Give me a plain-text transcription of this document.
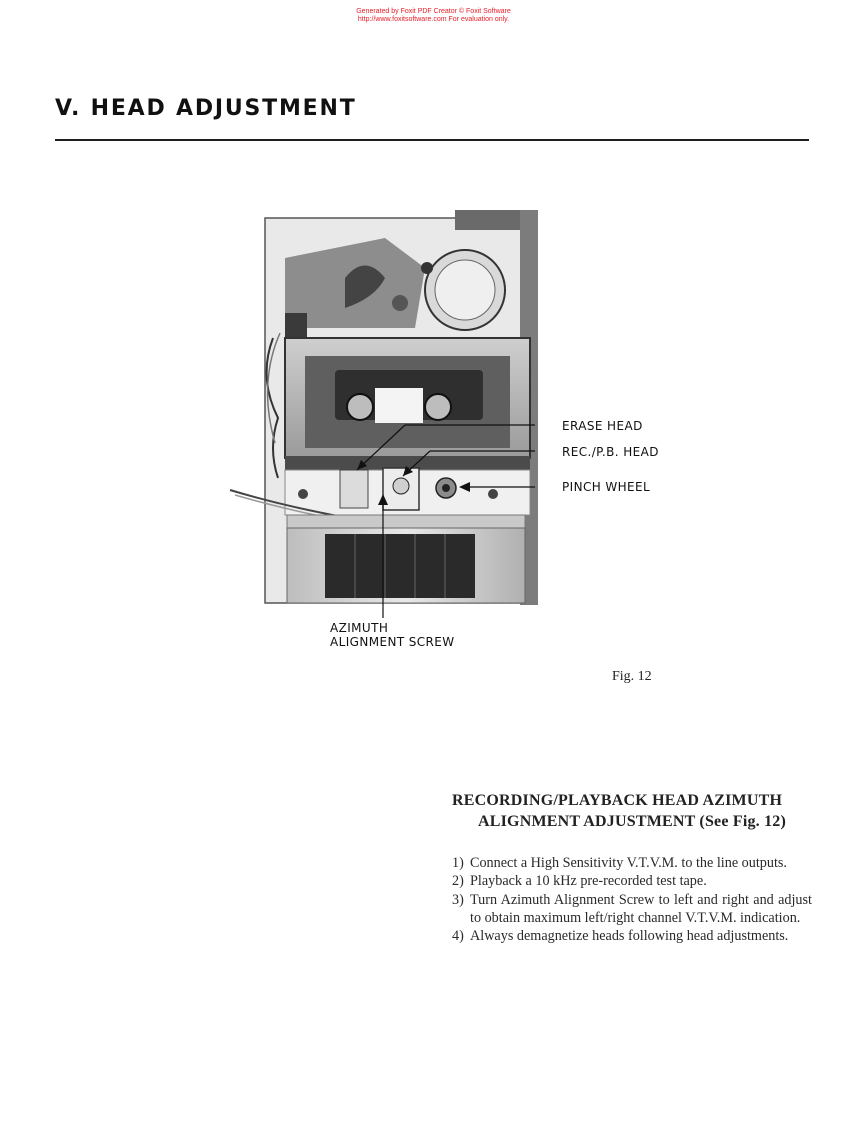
Generated by Foxit PDF Creator © Foxit Software
http://www.foxitsoftware.com For evaluation only.
V. HEAD ADJUSTMENT
ERASE HEAD
REC./P.B. HEAD
PINCH WHEEL
AZIMUTH
ALIGNMENT SCREW
Fig. 12
RECORDING/PLAYBACK HEAD AZIMUTH
ALIGNMENT ADJUSTMENT (See Fig. 12)
1) Connect a High Sensitivity V.T.V.M. to the line outputs.
2) Playback a 10 kHz pre-recorded test tape.
3) Turn Azimuth Alignment Screw to left and right and adjust to obtain maximum left/right channel V.T.V.M. indication.
4) Always demagnetize heads following head adjustments.
